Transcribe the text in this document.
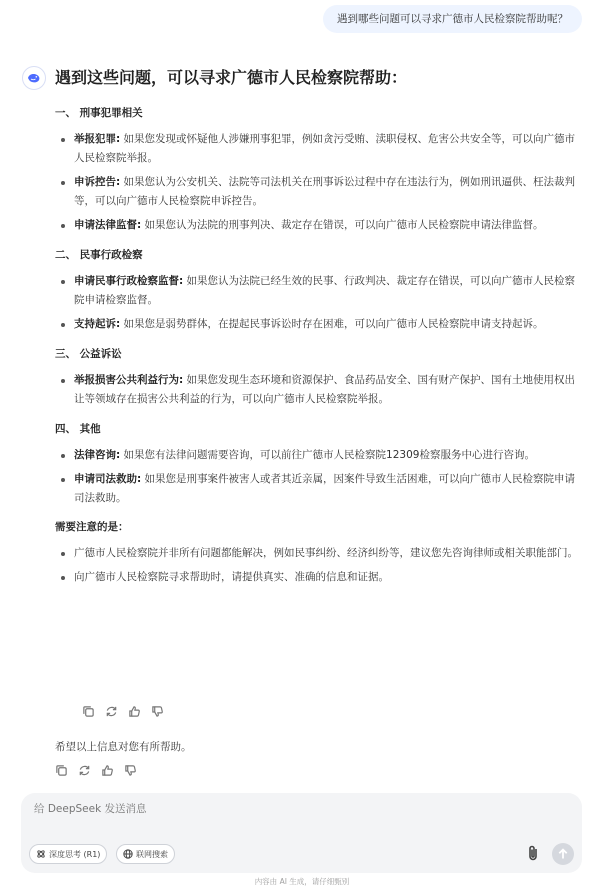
遇到哪些问题可以寻求广德市人民检察院帮助呢？
遇到这些问题，可以寻求广德市人民检察院帮助：
一、 刑事犯罪相关
举报犯罪: 如果您发现或怀疑他人涉嫌刑事犯罪，例如贪污受贿、渎职侵权、危害公共安全等，可以向广德市人民检察院举报。
申诉控告: 如果您认为公安机关、法院等司法机关在刑事诉讼过程中存在违法行为，例如刑讯逼供、枉法裁判等，可以向广德市人民检察院申诉控告。
申请法律监督: 如果您认为法院的刑事判决、裁定存在错误，可以向广德市人民检察院申请法律监督。
二、 民事行政检察
申请民事行政检察监督: 如果您认为法院已经生效的民事、行政判决、裁定存在错误，可以向广德市人民检察院申请检察监督。
支持起诉: 如果您是弱势群体，在提起民事诉讼时存在困难，可以向广德市人民检察院申请支持起诉。
三、 公益诉讼
举报损害公共利益行为: 如果您发现生态环境和资源保护、食品药品安全、国有财产保护、国有土地使用权出让等领域存在损害公共利益的行为，可以向广德市人民检察院举报。
四、 其他
法律咨询: 如果您有法律问题需要咨询，可以前往广德市人民检察院12309检察服务中心进行咨询。
申请司法救助: 如果您是刑事案件被害人或者其近亲属，因案件导致生活困难，可以向广德市人民检察院申请司法救助。
需要注意的是：
广德市人民检察院并非所有问题都能解决，例如民事纠纷、经济纠纷等，建议您先咨询律师或相关职能部门。
向广德市人民检察院寻求帮助时，请提供真实、准确的信息和证据。
希望以上信息对您有所帮助。
给 DeepSeek 发送消息
深度思考 (R1)	联网搜索
内容由 AI 生成，请仔细甄别
